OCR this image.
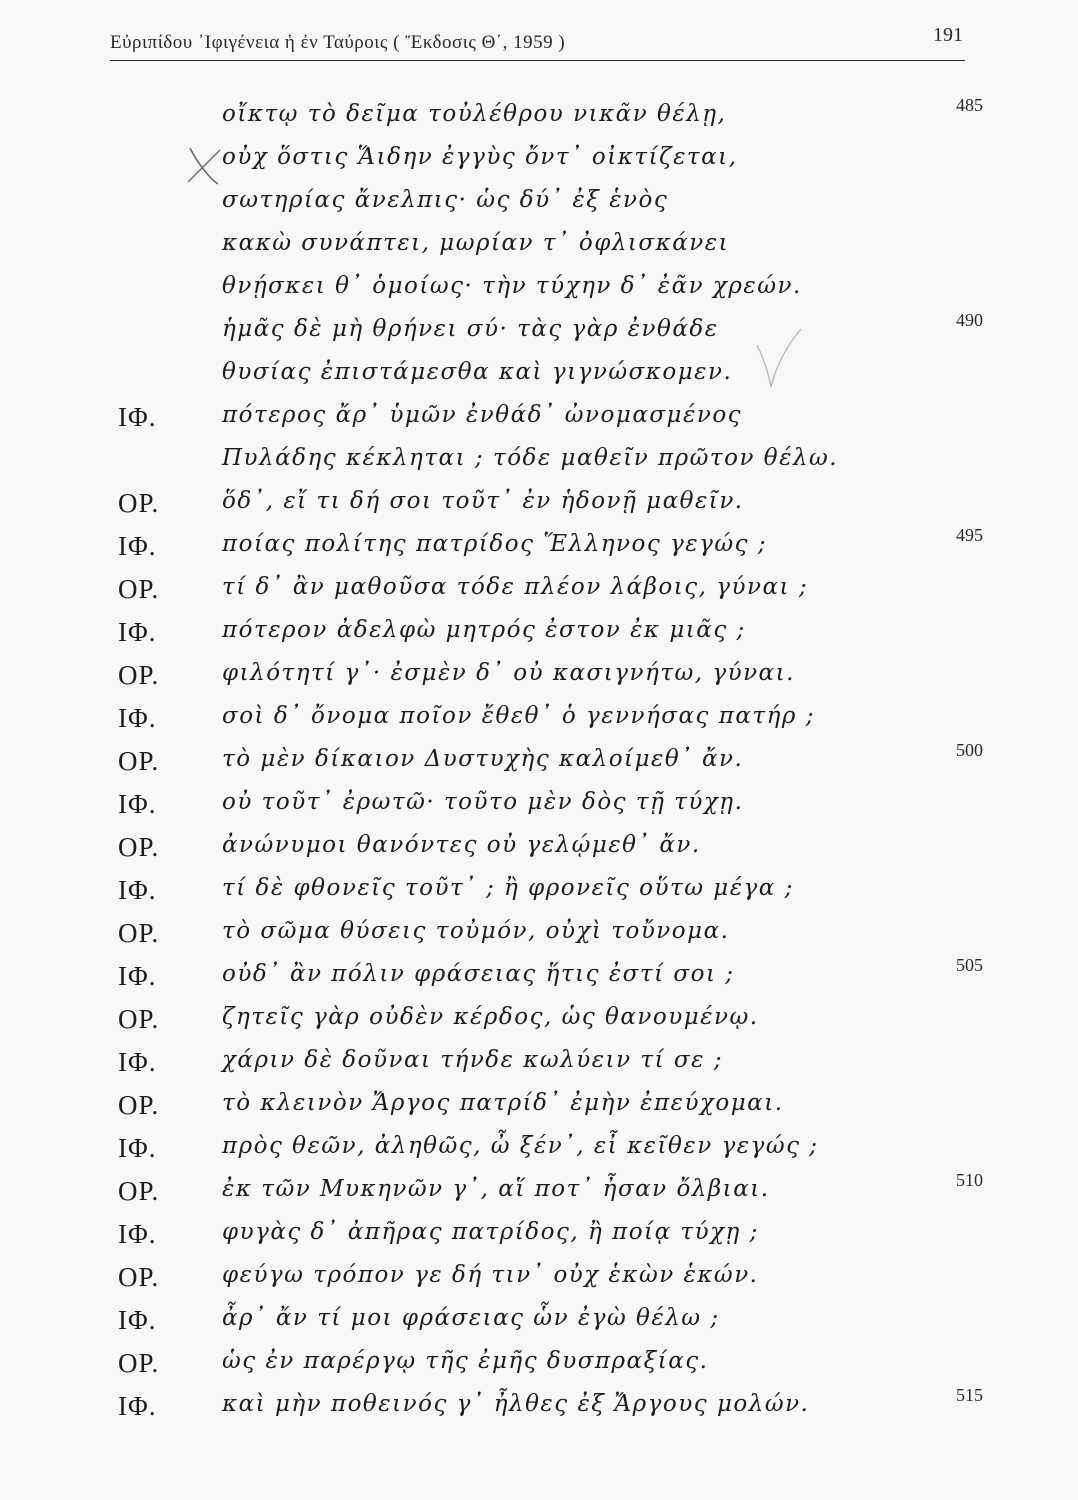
Εὐριπίδου ᾿Ιφιγένεια ἡ ἐν Ταύροις ( Ἔκδοσις Θ΄, 1959 )	191
οἴκτῳ τὸ δεῖμα τοὐλέθρου νικᾶν θέλῃ,	485
οὐχ ὅστις Ἅιδην ἐγγὺς ὄντ᾿ οἰκτίζεται,
σωτηρίας ἄνελπις· ὡς δύ᾿ ἐξ ἑνὸς
κακὼ συνάπτει, μωρίαν τ᾿ ὀφλισκάνει
θνῄσκει θ᾿ ὁμοίως· τὴν τύχην δ᾿ ἐᾶν χρεών.
ἡμᾶς δὲ μὴ θρήνει σύ· τὰς γὰρ ἐνθάδε	490
θυσίας ἐπιστάμεσθα καὶ γιγνώσκομεν.
ΙΦ.	πότερος ἄρ᾿ ὑμῶν ἐνθάδ᾿ ὠνομασμένος
Πυλάδης κέκληται ; τόδε μαθεῖν πρῶτον θέλω.
ΟΡ.	ὅδ᾿, εἴ τι δή σοι τοῦτ᾿ ἐν ἡδονῇ μαθεῖν.
ΙΦ.	ποίας πολίτης πατρίδος Ἕλληνος γεγώς ;	495
ΟΡ.	τί δ᾿ ἂν μαθοῦσα τόδε πλέον λάβοις, γύναι ;
ΙΦ.	πότερον ἀδελφὼ μητρός ἐστον ἐκ μιᾶς ;
ΟΡ.	φιλότητί γ᾿· ἐσμὲν δ᾿ οὐ κασιγνήτω, γύναι.
ΙΦ.	σοὶ δ᾿ ὄνομα ποῖον ἔθεθ᾿ ὁ γεννήσας πατήρ ;
ΟΡ.	τὸ μὲν δίκαιον Δυστυχὴς καλοίμεθ᾿ ἄν.	500
ΙΦ.	οὐ τοῦτ᾿ ἐρωτῶ· τοῦτο μὲν δὸς τῇ τύχῃ.
ΟΡ.	ἀνώνυμοι θανόντες οὐ γελῴμεθ᾿ ἄν.
ΙΦ.	τί δὲ φθονεῖς τοῦτ᾿ ; ἢ φρονεῖς οὕτω μέγα ;
ΟΡ.	τὸ σῶμα θύσεις τοὐμόν, οὐχὶ τοὔνομα.
ΙΦ.	οὐδ᾿ ἂν πόλιν φράσειας ἥτις ἐστί σοι ;	505
ΟΡ.	ζητεῖς γὰρ οὐδὲν κέρδος, ὡς θανουμένῳ.
ΙΦ.	χάριν δὲ δοῦναι τήνδε κωλύειν τί σε ;
ΟΡ.	τὸ κλεινὸν Ἄργος πατρίδ᾿ ἐμὴν ἐπεύχομαι.
ΙΦ.	πρὸς θεῶν, ἀληθῶς, ὦ ξέν᾿, εἶ κεῖθεν γεγώς ;
ΟΡ.	ἐκ τῶν Μυκηνῶν γ᾿, αἵ ποτ᾿ ἦσαν ὄλβιαι.	510
ΙΦ.	φυγὰς δ᾿ ἀπῆρας πατρίδος, ἢ ποίᾳ τύχῃ ;
ΟΡ.	φεύγω τρόπον γε δή τιν᾿ οὐχ ἑκὼν ἑκών.
ΙΦ.	ἆρ᾿ ἄν τί μοι φράσειας ὧν ἐγὼ θέλω ;
ΟΡ.	ὡς ἐν παρέργῳ τῆς ἐμῆς δυσπραξίας.
ΙΦ.	καὶ μὴν ποθεινός γ᾿ ἦλθες ἐξ Ἄργους μολών.	515
